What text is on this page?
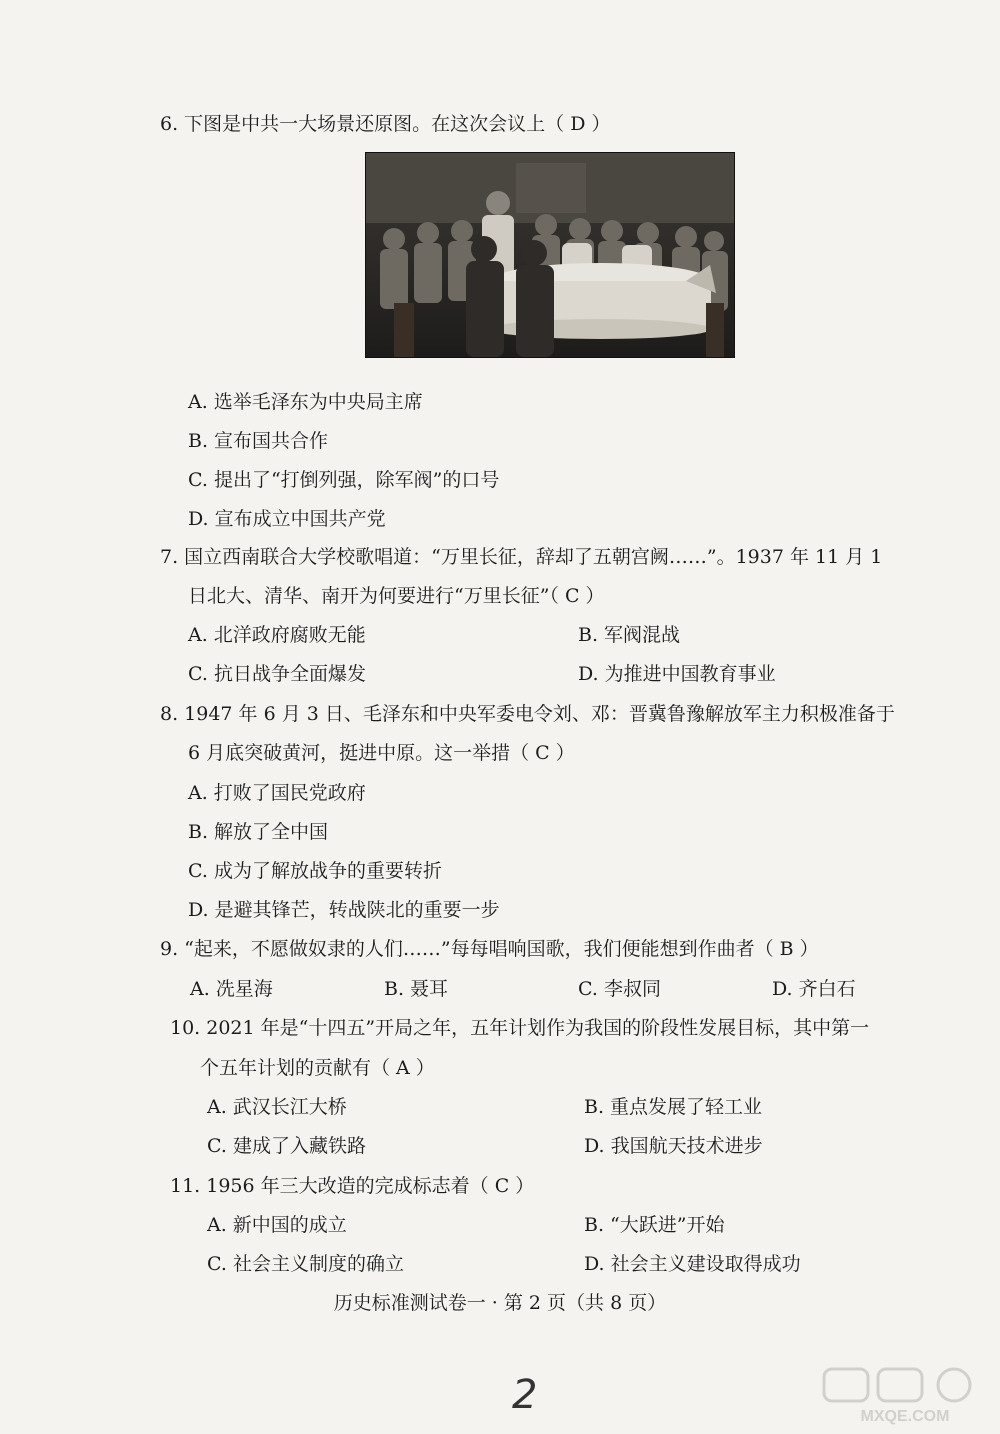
6. 下图是中共一大场景还原图。在这次会议上（ D ）
A. 选举毛泽东为中央局主席
B. 宣布国共合作
C. 提出了“打倒列强，除军阀”的口号
D. 宣布成立中国共产党
7. 国立西南联合大学校歌唱道：“万里长征，辞却了五朝宫阙……”。1937 年 11 月 1
日北大、清华、南开为何要进行“万里长征”（ C ）
A. 北洋政府腐败无能	B. 军阀混战
C. 抗日战争全面爆发	D. 为推进中国教育事业
8. 1947 年 6 月 3 日、毛泽东和中央军委电令刘、邓：晋冀鲁豫解放军主力积极准备于
6 月底突破黄河，挺进中原。这一举措（ C ）
A. 打败了国民党政府
B. 解放了全中国
C. 成为了解放战争的重要转折
D. 是避其锋芒，转战陕北的重要一步
9. “起来，不愿做奴隶的人们……”每每唱响国歌，我们便能想到作曲者（ B ）
A. 冼星海	B. 聂耳	C. 李叔同	D. 齐白石
10. 2021 年是“十四五”开局之年，五年计划作为我国的阶段性发展目标，其中第一
个五年计划的贡献有（ A ）
A. 武汉长江大桥	B. 重点发展了轻工业
C. 建成了入藏铁路	D. 我国航天技术进步
11. 1956 年三大改造的完成标志着（ C ）
A. 新中国的成立	B. “大跃进”开始
C. 社会主义制度的确立	D. 社会主义建设取得成功
历史标准测试卷一 · 第 2 页（共 8 页）
2	MXQE.COM
